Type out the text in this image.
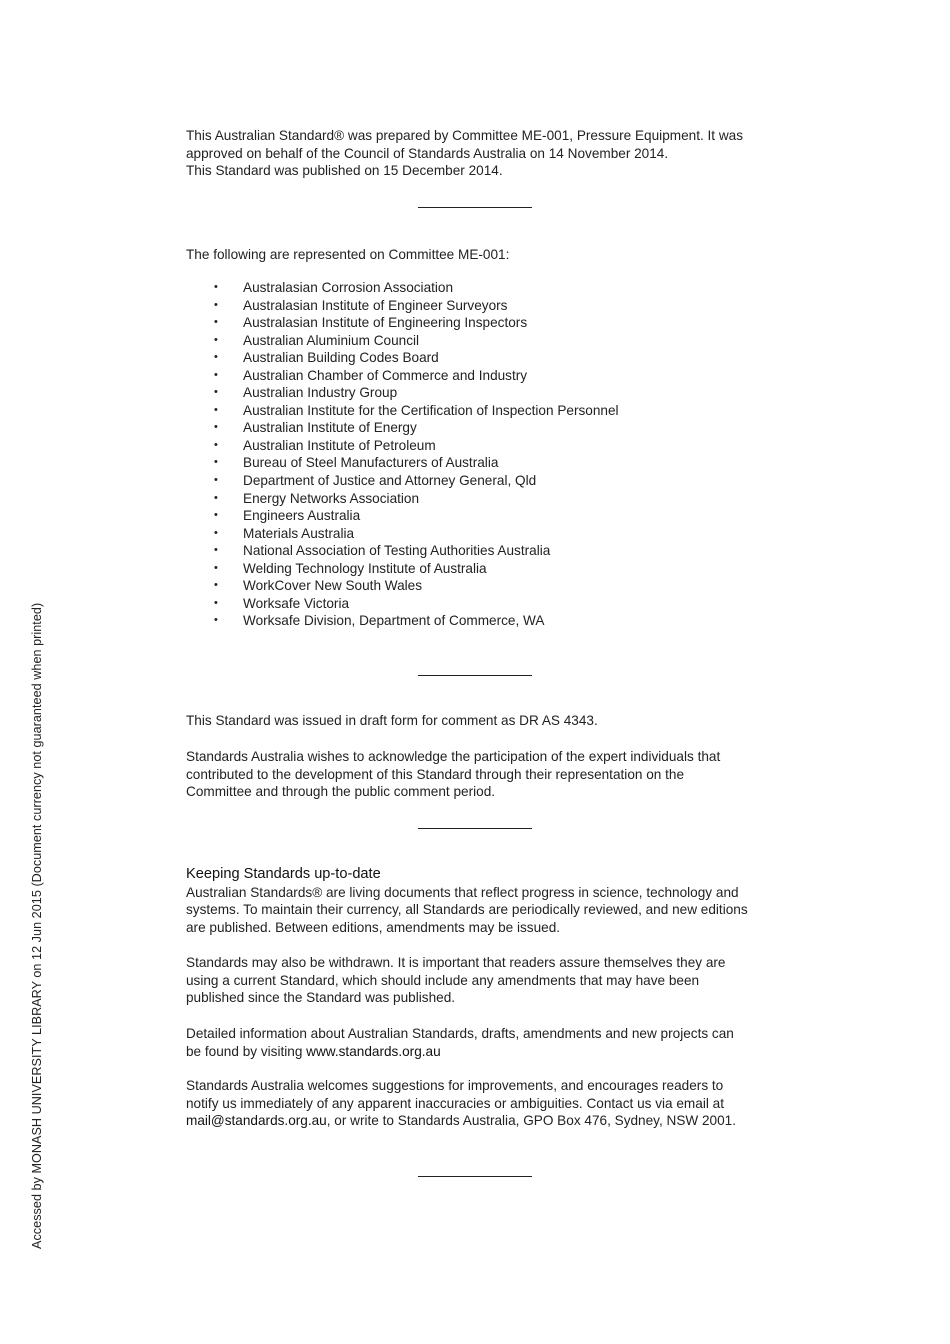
This Australian Standard® was prepared by Committee ME-001, Pressure Equipment. It was

approved on behalf of the Council of Standards Australia on 14 November 2014.

This Standard was published on 15 December 2014.

The following are represented on Committee ME-001:

• Australasian Corrosion Association
• Australasian Institute of Engineer Surveyors
• Australasian Institute of Engineering Inspectors
• Australian Aluminium Council
• Australian Building Codes Board
• Australian Chamber of Commerce and Industry
• Australian Industry Group
• Australian Institute for the Certification of Inspection Personnel
• Australian Institute of Energy
• Australian Institute of Petroleum
• Bureau of Steel Manufacturers of Australia
• Department of Justice and Attorney General, Qld
• Energy Networks Association
• Engineers Australia
• Materials Australia
• National Association of Testing Authorities Australia
• Welding Technology Institute of Australia
• WorkCover New South Wales
• Worksafe Victoria
• Worksafe Division, Department of Commerce, WA

This Standard was issued in draft form for comment as DR AS 4343.

Standards Australia wishes to acknowledge the participation of the expert individuals that

contributed to the development of this Standard through their representation on the

Committee and through the public comment period.

Keeping Standards up-to-date

Australian Standards® are living documents that reflect progress in science, technology and

systems. To maintain their currency, all Standards are periodically reviewed, and new editions

are published. Between editions, amendments may be issued.

Standards may also be withdrawn. It is important that readers assure themselves they are

using a current Standard, which should include any amendments that may have been

published since the Standard was published.

Detailed information about Australian Standards, drafts, amendments and new projects can

be found by visiting www.standards.org.au

Standards Australia welcomes suggestions for improvements, and encourages readers to

notify us immediately of any apparent inaccuracies or ambiguities. Contact us via email at

mail@standards.org.au, or write to Standards Australia, GPO Box 476, Sydney, NSW 2001.

Accessed by MONASH UNIVERSITY LIBRARY on 12 Jun 2015 (Document currency not guaranteed when printed)
